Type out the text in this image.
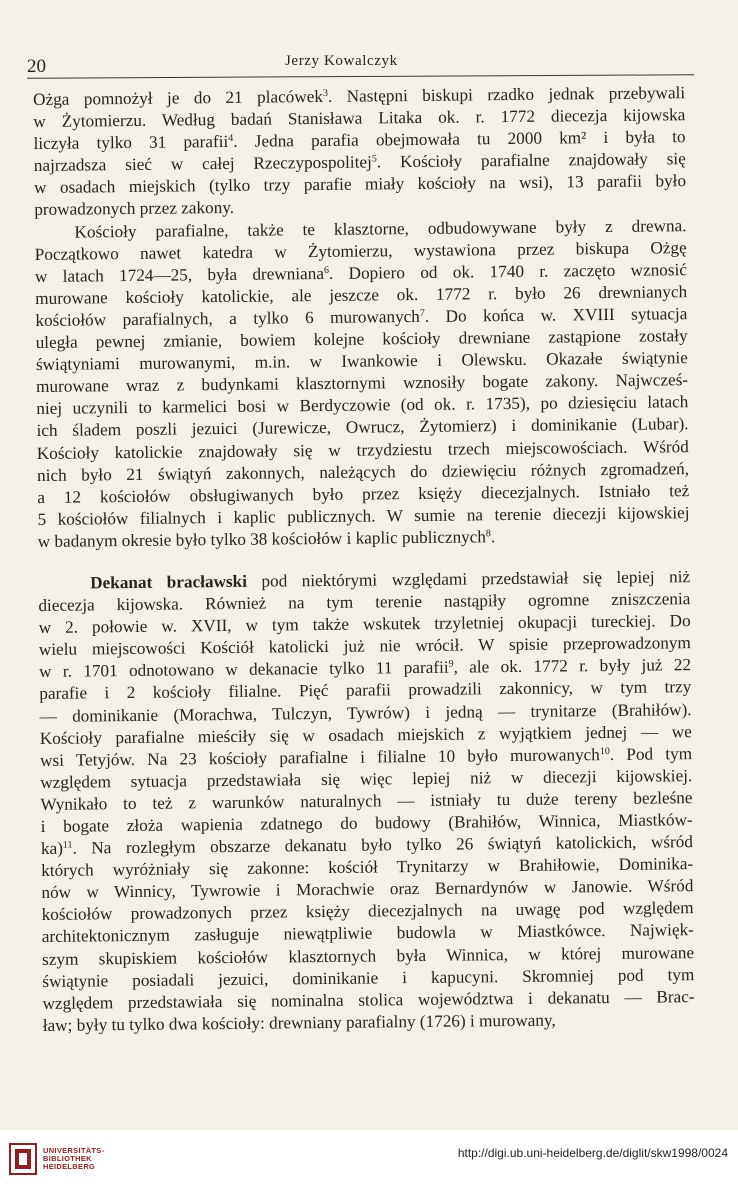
20	Jerzy Kowalczyk
Ożga pomnożył je do 21 placówek$^3$. Następni biskupi rzadko jednak przebywali
w Żytomierzu. Według badań Stanisława Litaka ok. r. 1772 diecezja kijowska
liczyła tylko 31 parafii$^4$. Jedna parafia obejmowała tu 2000 km² i była to
najrzadsza sieć w całej Rzeczypospolitej$^5$. Kościoły parafialne znajdowały się
w osadach miejskich (tylko trzy parafie miały kościoły na wsi), 13 parafii było
prowadzonych przez zakony.
Kościoły parafialne, także te klasztorne, odbudowywane były z drewna.
Początkowo nawet katedra w Żytomierzu, wystawiona przez biskupa Ożgę
w latach 1724—25, była drewniana$^6$. Dopiero od ok. 1740 r. zaczęto wznosić
murowane kościoły katolickie, ale jeszcze ok. 1772 r. było 26 drewnianych
kościołów parafialnych, a tylko 6 murowanych$^7$. Do końca w. XVIII sytuacja
uległa pewnej zmianie, bowiem kolejne kościoły drewniane zastąpione zostały
świątyniami murowanymi, m.in. w Iwankowie i Olewsku. Okazałe świątynie
murowane wraz z budynkami klasztornymi wznosiły bogate zakony. Najwcześ-
niej uczynili to karmelici bosi w Berdyczowie (od ok. r. 1735), po dziesięciu latach
ich śladem poszli jezuici (Jurewicze, Owrucz, Żytomierz) i dominikanie (Lubar).
Kościoły katolickie znajdowały się w trzydziestu trzech miejscowościach. Wśród
nich było 21 świątyń zakonnych, należących do dziewięciu różnych zgromadzeń,
a 12 kościołów obsługiwanych było przez księży diecezjalnych. Istniało też
5 kościołów filialnych i kaplic publicznych. W sumie na terenie diecezji kijowskiej
w badanym okresie było tylko 38 kościołów i kaplic publicznych$^8$.
Dekanat bracławski pod niektórymi względami przedstawiał się lepiej niż
diecezja kijowska. Również na tym terenie nastąpiły ogromne zniszczenia
w 2. połowie w. XVII, w tym także wskutek trzyletniej okupacji tureckiej. Do
wielu miejscowości Kościół katolicki już nie wrócił. W spisie przeprowadzonym
w r. 1701 odnotowano w dekanacie tylko 11 parafii$^9$, ale ok. 1772 r. były już 22
parafie i 2 kościoły filialne. Pięć parafii prowadzili zakonnicy, w tym trzy
— dominikanie (Morachwa, Tulczyn, Tywrów) i jedną — trynitarze (Brahiłów).
Kościoły parafialne mieściły się w osadach miejskich z wyjątkiem jednej — we
wsi Tetyjów. Na 23 kościoły parafialne i filialne 10 było murowanych$^{10}$. Pod tym
względem sytuacja przedstawiała się więc lepiej niż w diecezji kijowskiej.
Wynikało to też z warunków naturalnych — istniały tu duże tereny bezleśne
i bogate złoża wapienia zdatnego do budowy (Brahiłów, Winnica, Miastków-
ka)$^{11}$. Na rozległym obszarze dekanatu było tylko 26 świątyń katolickich, wśród
których wyróżniały się zakonne: kościół Trynitarzy w Brahiłowie, Dominika-
nów w Winnicy, Tywrowie i Morachwie oraz Bernardynów w Janowie. Wśród
kościołów prowadzonych przez księży diecezjalnych na uwagę pod względem
architektonicznym zasługuje niewątpliwie budowla w Miastkówce. Najwięk-
szym skupiskiem kościołów klasztornych była Winnica, w której murowane
świątynie posiadali jezuici, dominikanie i kapucyni. Skromniej pod tym
względem przedstawiała się nominalna stolica województwa i dekanatu — Brac-
ław; były tu tylko dwa kościoły: drewniany parafialny (1726) i murowany,
UNIVERSITÄTS-
BIBLIOTHEK
HEIDELBERG
http://digi.ub.uni-heidelberg.de/diglit/skw1998/0024
